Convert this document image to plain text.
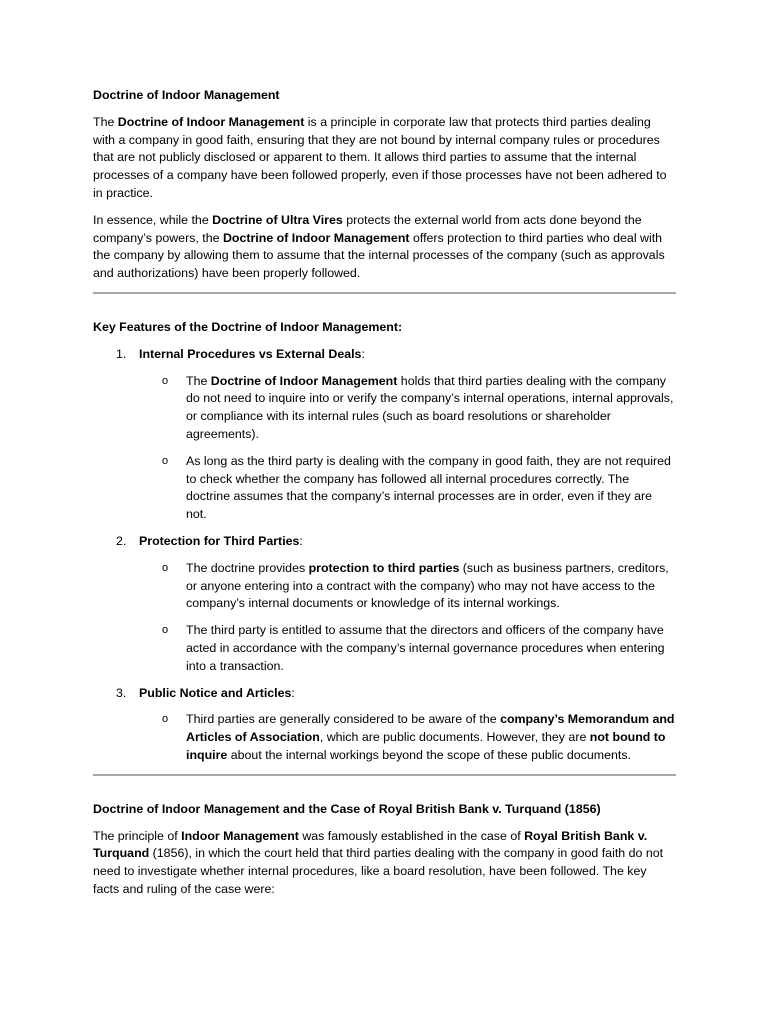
Doctrine of Indoor Management

The Doctrine of Indoor Management is a principle in corporate law that protects third parties dealing with a company in good faith, ensuring that they are not bound by internal company rules or procedures that are not publicly disclosed or apparent to them. It allows third parties to assume that the internal processes of a company have been followed properly, even if those processes have not been adhered to in practice.

In essence, while the Doctrine of Ultra Vires protects the external world from acts done beyond the company’s powers, the Doctrine of Indoor Management offers protection to third parties who deal with the company by allowing them to assume that the internal processes of the company (such as approvals and authorizations) have been properly followed.

Key Features of the Doctrine of Indoor Management:

1. Internal Procedures vs External Deals:
o The Doctrine of Indoor Management holds that third parties dealing with the company do not need to inquire into or verify the company’s internal operations, internal approvals, or compliance with its internal rules (such as board resolutions or shareholder agreements).
o As long as the third party is dealing with the company in good faith, they are not required to check whether the company has followed all internal procedures correctly. The doctrine assumes that the company’s internal processes are in order, even if they are not.
2. Protection for Third Parties:
o The doctrine provides protection to third parties (such as business partners, creditors, or anyone entering into a contract with the company) who may not have access to the company’s internal documents or knowledge of its internal workings.
o The third party is entitled to assume that the directors and officers of the company have acted in accordance with the company’s internal governance procedures when entering into a transaction.
3. Public Notice and Articles:
o Third parties are generally considered to be aware of the company’s Memorandum and Articles of Association, which are public documents. However, they are not bound to inquire about the internal workings beyond the scope of these public documents.

Doctrine of Indoor Management and the Case of Royal British Bank v. Turquand (1856)

The principle of Indoor Management was famously established in the case of Royal British Bank v. Turquand (1856), in which the court held that third parties dealing with the company in good faith do not need to investigate whether internal procedures, like a board resolution, have been followed. The key facts and ruling of the case were:
